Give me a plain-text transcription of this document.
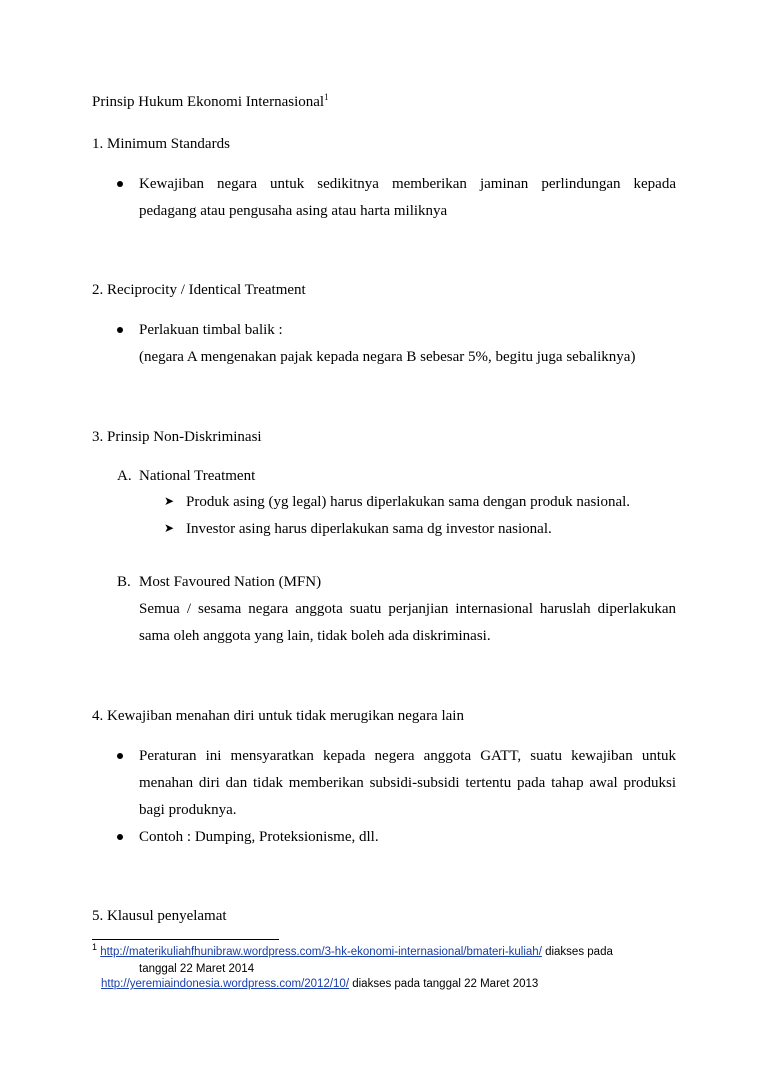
Prinsip Hukum Ekonomi Internasional$^1$
1. Minimum Standards
Kewajiban negara untuk sedikitnya memberikan jaminan perlindungan kepada
pedagang atau pengusaha asing atau harta miliknya
2. Reciprocity / Identical Treatment
Perlakuan timbal balik :
(negara A mengenakan pajak kepada negara B sebesar 5%, begitu juga sebaliknya)
3. Prinsip Non-Diskriminasi
A. National Treatment
➤ Produk asing (yg legal) harus diperlakukan sama dengan produk nasional.
➤ Investor asing harus diperlakukan sama dg investor nasional.
B. Most Favoured Nation (MFN)
Semua / sesama negara anggota suatu perjanjian internasional haruslah diperlakukan
sama oleh anggota yang lain, tidak boleh ada diskriminasi.
4. Kewajiban menahan diri untuk tidak merugikan negara lain
Peraturan ini mensyaratkan kepada negera anggota GATT, suatu kewajiban untuk
menahan diri dan tidak memberikan subsidi-subsidi tertentu pada tahap awal produksi
bagi produknya.
Contoh : Dumping, Proteksionisme, dll.
5. Klausul penyelamat
$^1$ http://materikuliahfhunibraw.wordpress.com/3-hk-ekonomi-internasional/bmateri-kuliah/ diakses pada
tanggal 22 Maret 2014
http://yeremiaindonesia.wordpress.com/2012/10/ diakses pada tanggal 22 Maret 2013
